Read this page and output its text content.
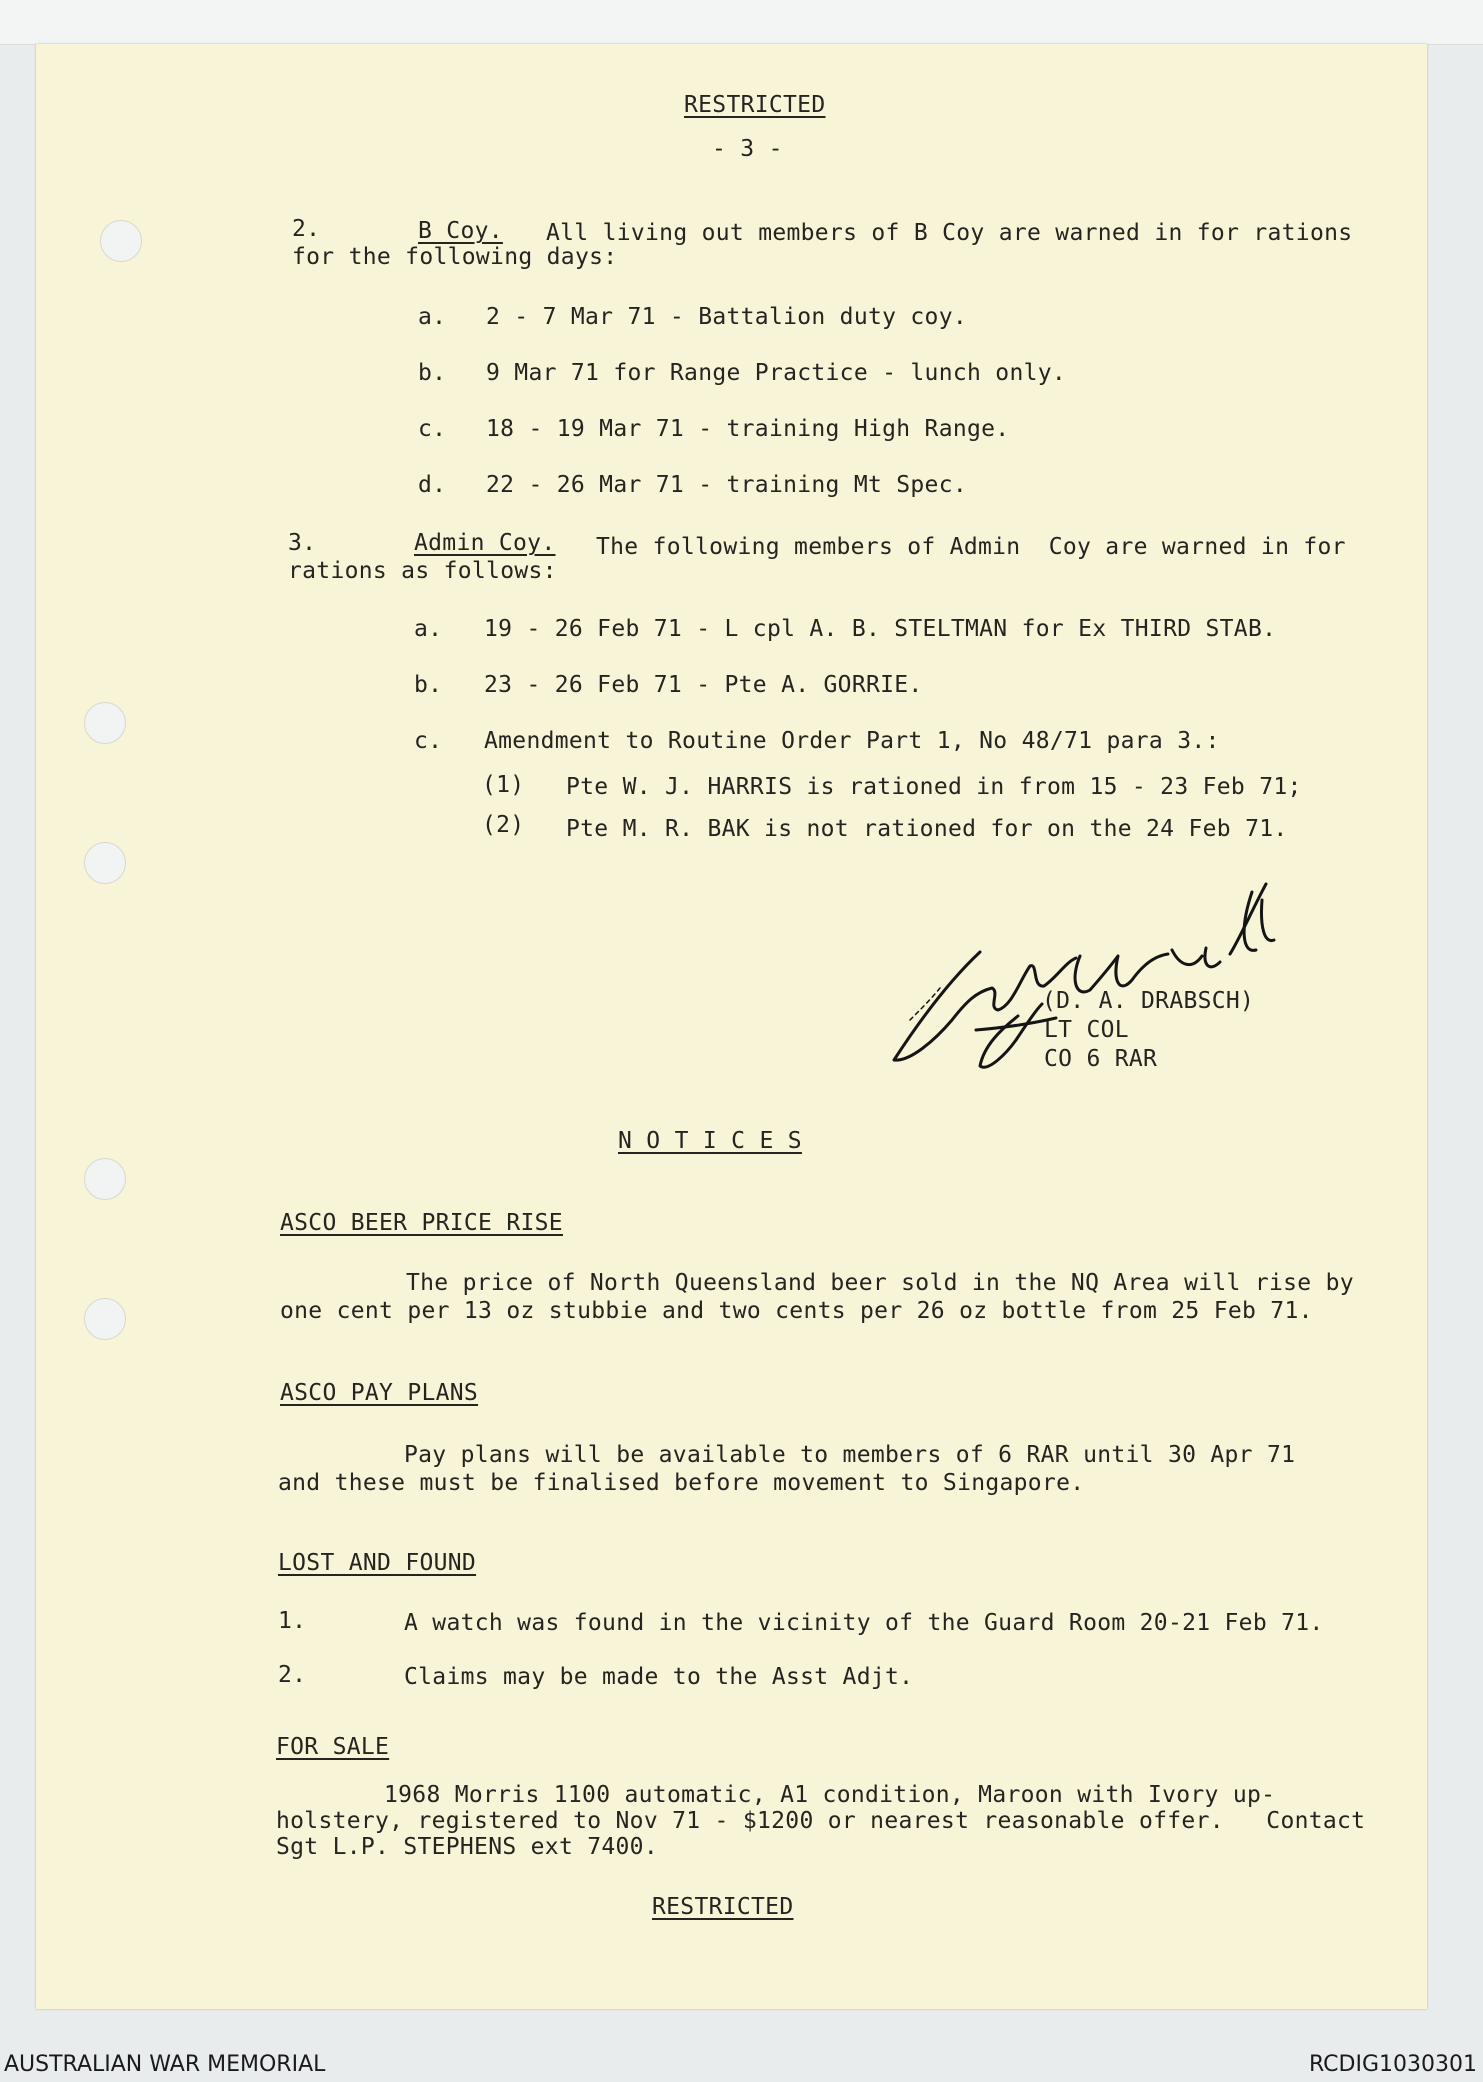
RESTRICTED
- 3 -
2.	B Coy. All living out members of B Coy are warned in for rations
for the following days:
a. 2 - 7 Mar 71 - Battalion duty coy.
b. 9 Mar 71 for Range Practice - lunch only.
c. 18 - 19 Mar 71 - training High Range.
d. 22 - 26 Mar 71 - training Mt Spec.
3.	Admin Coy. The following members of Admin  Coy are warned in for
rations as follows:
a. 19 - 26 Feb 71 - L cpl A. B. STELTMAN for Ex THIRD STAB.
b. 23 - 26 Feb 71 - Pte A. GORRIE.
c. Amendment to Routine Order Part 1, No 48/71 para 3.:
(1) Pte W. J. HARRIS is rationed in from 15 - 23 Feb 71;
(2) Pte M. R. BAK is not rationed for on the 24 Feb 71.
(D. A. DRABSCH)
LT COL
CO 6 RAR
N O T I C E S
ASCO BEER PRICE RISE
The price of North Queensland beer sold in the NQ Area will rise by
one cent per 13 oz stubbie and two cents per 26 oz bottle from 25 Feb 71.
ASCO PAY PLANS
Pay plans will be available to members of 6 RAR until 30 Apr 71
and these must be finalised before movement to Singapore.
LOST AND FOUND
1.	A watch was found in the vicinity of the Guard Room 20-21 Feb 71.
2.	Claims may be made to the Asst Adjt.
FOR SALE
1968 Morris 1100 automatic, A1 condition, Maroon with Ivory up-
holstery, registered to Nov 71 - $1200 or nearest reasonable offer.   Contact
Sgt L.P. STEPHENS ext 7400.
RESTRICTED
AUSTRALIAN WAR MEMORIAL	RCDIG1030301
